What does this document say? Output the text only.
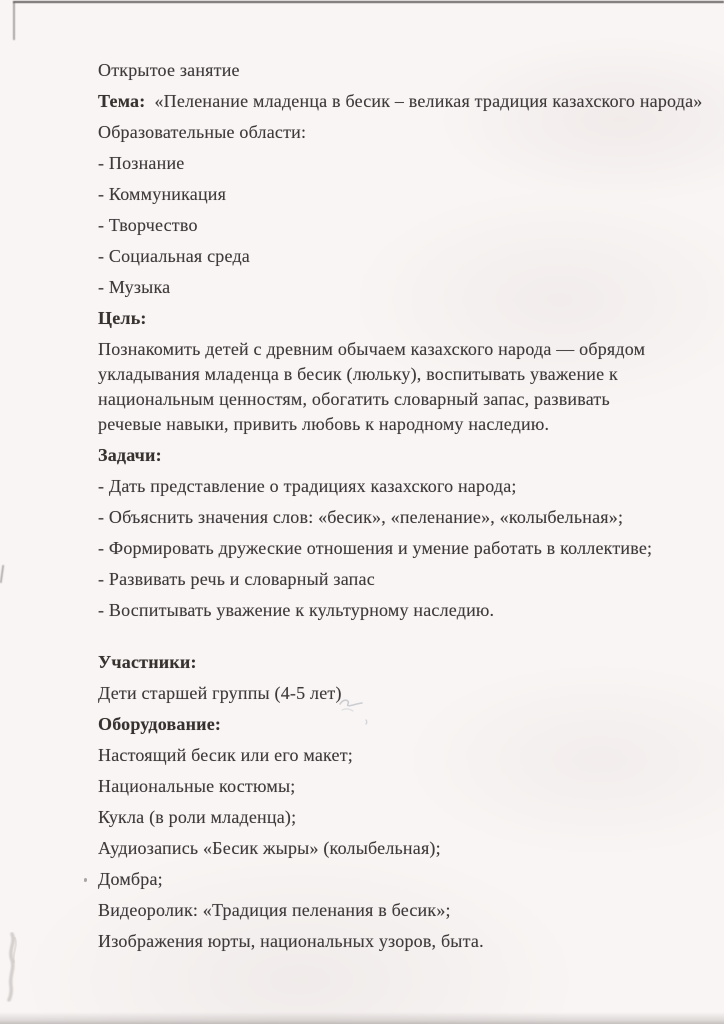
Открытое занятие

Тема: «Пеленание младенца в бесик – великая традиция казахского народа»

Образовательные области:

- Познание

- Коммуникация

- Творчество

- Социальная среда

- Музыка

Цель:

Познакомить детей с древним обычаем казахского народа — обрядом укладывания младенца в бесик (люльку), воспитывать уважение к национальным ценностям, обогатить словарный запас, развивать речевые навыки, привить любовь к народному наследию.

Задачи:

- Дать представление о традициях казахского народа;

- Объяснить значения слов: «бесик», «пеленание», «колыбельная»;

- Формировать дружеские отношения и умение работать в коллективе;

- Развивать речь и словарный запас

- Воспитывать уважение к культурному наследию.

Участники:

Дети старшей группы (4-5 лет)

Оборудование:

Настоящий бесик или его макет;

Национальные костюмы;

Кукла (в роли младенца);

Аудиозапись «Бесик жыры» (колыбельная);

Домбра;

Видеоролик: «Традиция пеленания в бесик»;

Изображения юрты, национальных узоров, быта.
